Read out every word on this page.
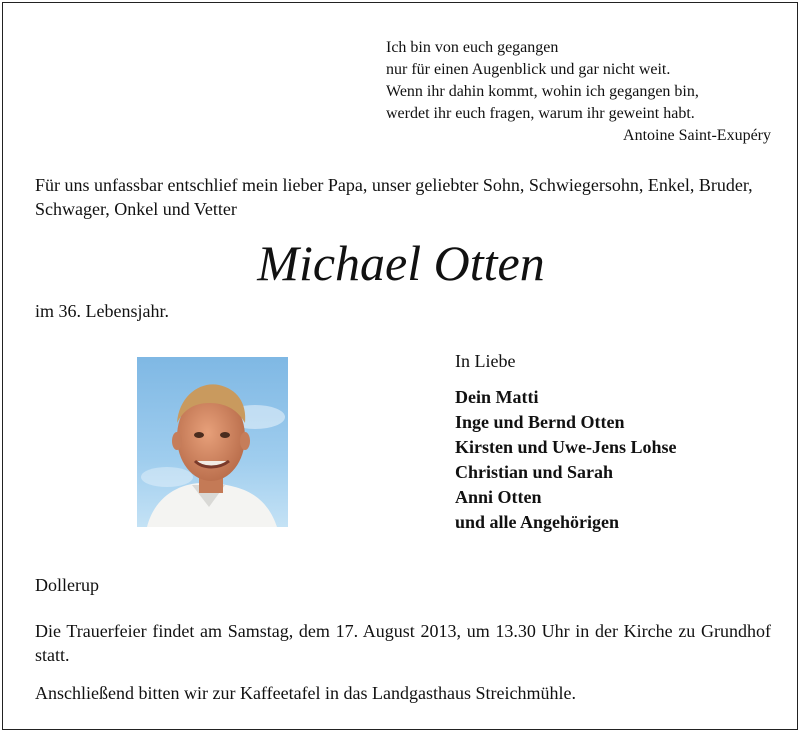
Ich bin von euch gegangen
nur für einen Augenblick und gar nicht weit.
Wenn ihr dahin kommt, wohin ich gegangen bin,
werdet ihr euch fragen, warum ihr geweint habt.
Antoine Saint-Exupéry
Für uns unfassbar entschlief mein lieber Papa, unser geliebter Sohn, Schwiegersohn, Enkel, Bruder, Schwager, Onkel und Vetter
Michael Otten
im 36. Lebensjahr.
In Liebe
Dein Matti
Inge und Bernd Otten
Kirsten und Uwe-Jens Lohse
Christian und Sarah
Anni Otten
und alle Angehörigen
Dollerup
Die Trauerfeier findet am Samstag, dem 17. August 2013, um 13.30 Uhr in der Kirche zu Grundhof statt.
Anschließend bitten wir zur Kaffeetafel in das Landgasthaus Streichmühle.
